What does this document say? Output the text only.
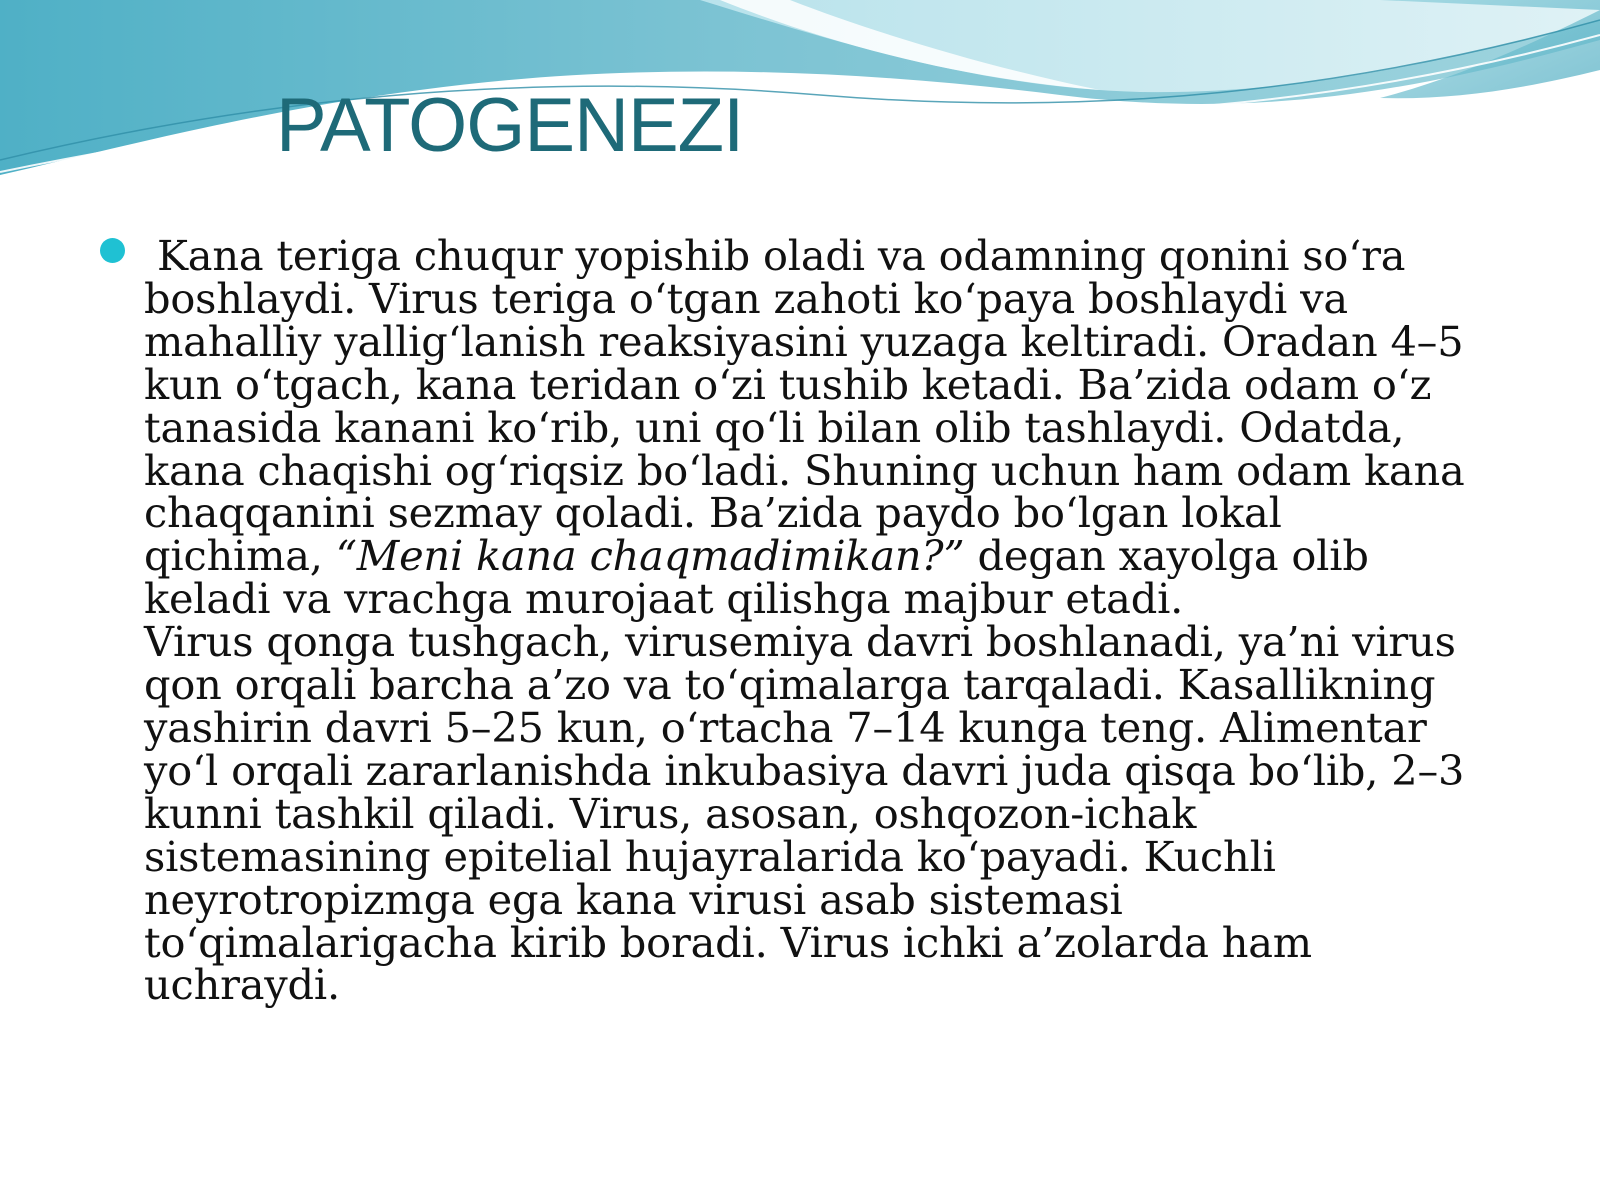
PATOGENEZI

Kana teriga chuqur yopishib oladi va odamning qonini so‘ra
boshlaydi. Virus teriga o‘tgan zahoti ko‘paya boshlaydi va
mahalliy yallig‘lanish reaksiyasini yuzaga keltiradi. Oradan 4–5
kun o‘tgach, kana teridan o‘zi tushib ketadi. Ba’zida odam o‘z
tanasida kanani ko‘rib, uni qo‘li bilan olib tashlaydi. Odatda,
kana chaqishi og‘riqsiz bo‘ladi. Shuning uchun ham odam kana
chaqqanini sezmay qoladi. Ba’zida paydo bo‘lgan lokal
qichima, “Meni kana chaqmadimikan?” degan xayolga olib
keladi va vrachga murojaat qilishga majbur etadi.
Virus qonga tushgach, virusemiya davri boshlanadi, ya’ni virus
qon orqali barcha a’zo va to‘qimalarga tarqaladi. Kasallikning
yashirin davri 5–25 kun, o‘rtacha 7–14 kunga teng. Alimentar
yo‘l orqali zararlanishda inkubasiya davri juda qisqa bo‘lib, 2–3
kunni tashkil qiladi. Virus, asosan, oshqozon-ichak
sistemasining epitelial hujayralarida ko‘payadi. Kuchli
neyrotropizmga ega kana virusi asab sistemasi
to‘qimalarigacha kirib boradi. Virus ichki a’zolarda ham
uchraydi.
